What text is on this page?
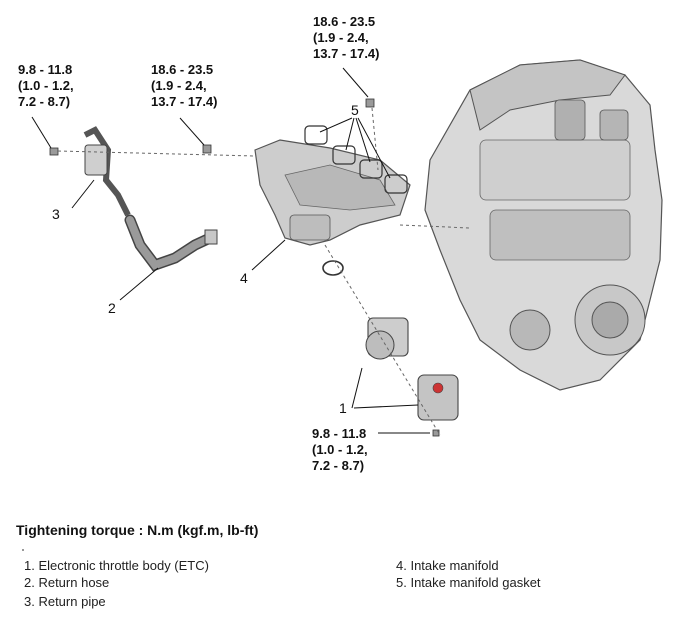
9.8 - 11.8
(1.0 - 1.2,
7.2 - 8.7)
18.6 - 23.5
(1.9 - 2.4,
13.7 - 17.4)
18.6 - 23.5
(1.9 - 2.4,
13.7 - 17.4)
9.8 - 11.8
(1.0 - 1.2,
7.2 - 8.7)
1
2
3
4
5
Tightening torque : N.m (kgf.m, lb-ft)
1. Electronic throttle body (ETC)
2. Return hose
3. Return pipe
4. Intake manifold
5. Intake manifold gasket
